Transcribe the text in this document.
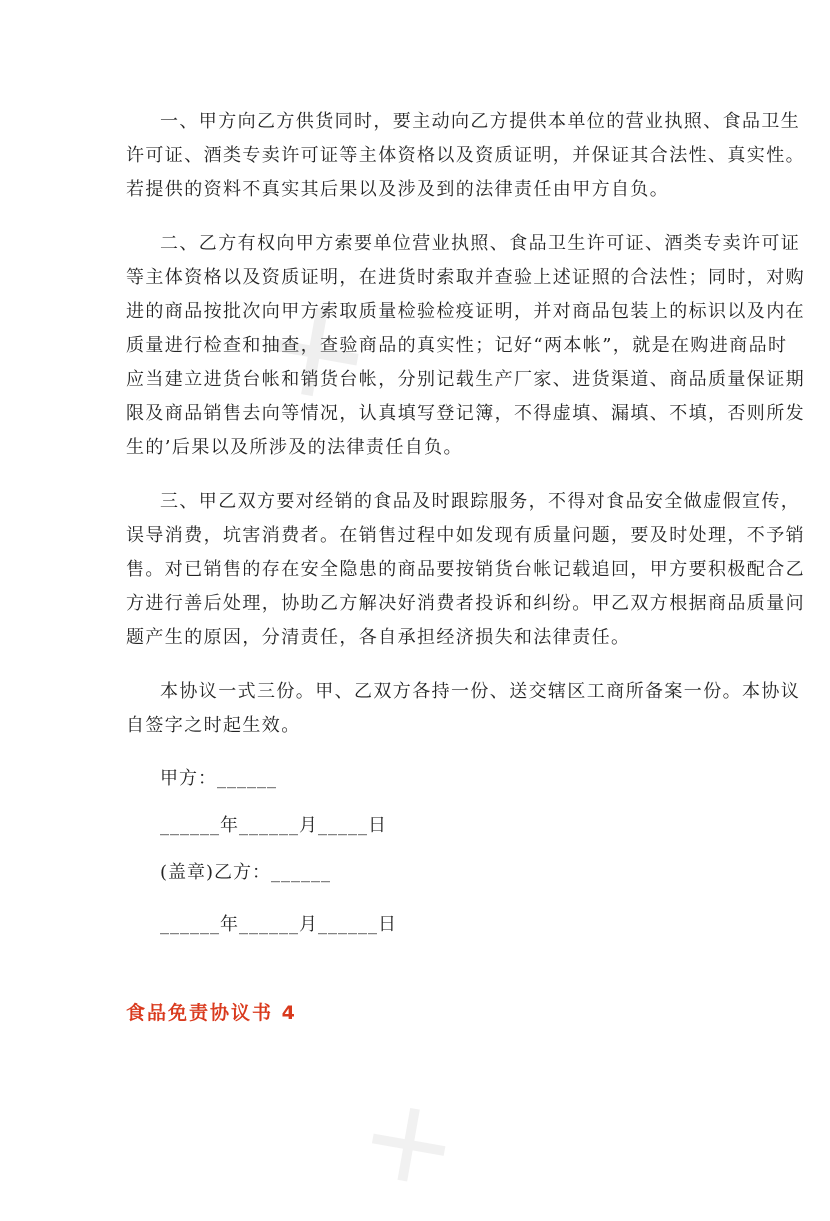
✕
✕
一、甲方向乙方供货同时，要主动向乙方提供本单位的营业执照、食品卫生
许可证、酒类专卖许可证等主体资格以及资质证明，并保证其合法性、真实性。
若提供的资料不真实其后果以及涉及到的法律责任由甲方自负。
二、乙方有权向甲方索要单位营业执照、食品卫生许可证、酒类专卖许可证
等主体资格以及资质证明，在进货时索取并查验上述证照的合法性；同时，对购
进的商品按批次向甲方索取质量检验检疫证明，并对商品包装上的标识以及内在
质量进行检查和抽查，查验商品的真实性；记好“两本帐”，就是在购进商品时
应当建立进货台帐和销货台帐，分别记载生产厂家、进货渠道、商品质量保证期
限及商品销售去向等情况，认真填写登记簿，不得虚填、漏填、不填，否则所发
生的’后果以及所涉及的法律责任自负。
三、甲乙双方要对经销的食品及时跟踪服务，不得对食品安全做虚假宣传，
误导消费，坑害消费者。在销售过程中如发现有质量问题，要及时处理，不予销
售。对已销售的存在安全隐患的商品要按销货台帐记载追回，甲方要积极配合乙
方进行善后处理，协助乙方解决好消费者投诉和纠纷。甲乙双方根据商品质量问
题产生的原因，分清责任，各自承担经济损失和法律责任。
本协议一式三份。甲、乙双方各持一份、送交辖区工商所备案一份。本协议
自签字之时起生效。
甲方：______
______年______月_____日
(盖章)乙方：______
______年______月______日
食品免责协议书 4
